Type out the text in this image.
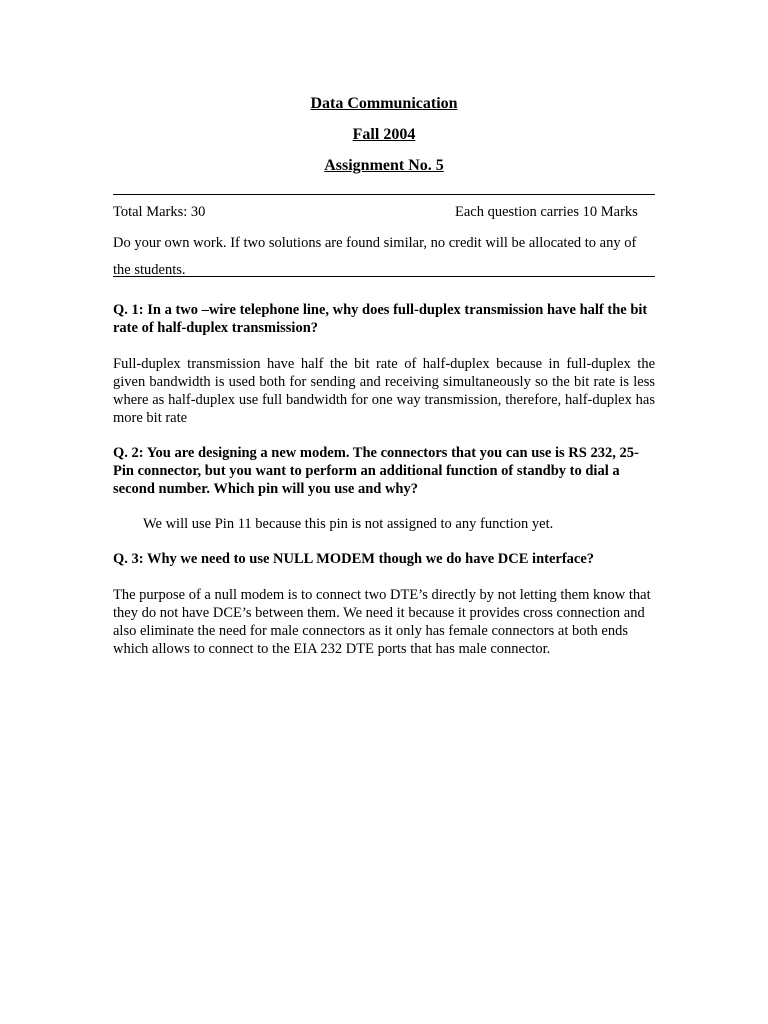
Data Communication
Fall 2004
Assignment No. 5
Total Marks: 30	Each question carries 10 Marks
Do your own work. If two solutions are found similar, no credit will be allocated to any of the students.
Q. 1: In a two –wire telephone line, why does full-duplex transmission have half the bit rate of half-duplex transmission?
Full-duplex transmission have half the bit rate of half-duplex because in full-duplex the given bandwidth is used both for sending and receiving simultaneously so the bit rate is less where as half-duplex use full bandwidth for one way transmission, therefore, half-duplex has more bit rate
Q. 2: You are designing a new modem. The connectors that you can use is RS 232, 25-Pin connector, but you want to perform an additional function of standby to dial a second number. Which pin will you use and why?
We will use Pin 11 because this pin is not assigned to any function yet.
Q. 3: Why we need to use NULL MODEM though we do have DCE interface?
The purpose of a null modem is to connect two DTE’s directly by not letting them know that they do not have DCE’s between them. We need it because it provides cross connection and also eliminate the need for male connectors as it only has female connectors at both ends which allows to connect to the EIA 232 DTE ports that has male connector.
